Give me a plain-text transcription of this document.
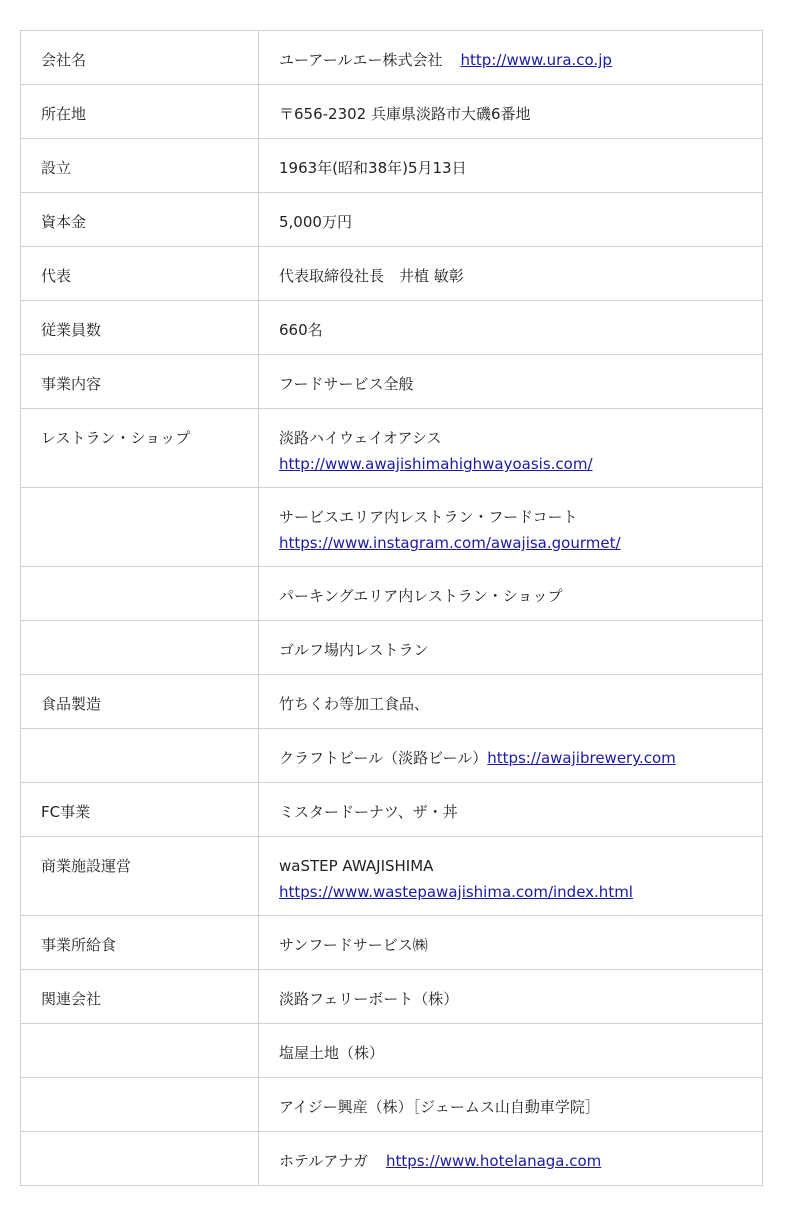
会社名	ユーアールエー株式会社 http://www.ura.co.jp
所在地	〒656-2302 兵庫県淡路市大磯6番地
設立	1963年(昭和38年)5月13日
資本金	5,000万円
代表	代表取締役社長　井植 敏彰
従業員数	660名
事業内容	フードサービス全般
レストラン・ショップ	淡路ハイウェイオアシス
http://www.awajishimahighwayoasis.com/
	サービスエリア内レストラン・フードコート
https://www.instagram.com/awajisa.gourmet/
	パーキングエリア内レストラン・ショップ
	ゴルフ場内レストラン
食品製造	竹ちくわ等加工食品、
	クラフトビール（淡路ビール）https://awajibrewery.com
FC事業	ミスタードーナツ、ザ・丼
商業施設運営	waSTEP AWAJISHIMA
https://www.wastepawajishima.com/index.html
事業所給食	サンフードサービス㈱
関連会社	淡路フェリーボート（株）
	塩屋土地（株）
	アイジー興産（株）［ジェームス山自動車学院］
	ホテルアナガ https://www.hotelanaga.com
